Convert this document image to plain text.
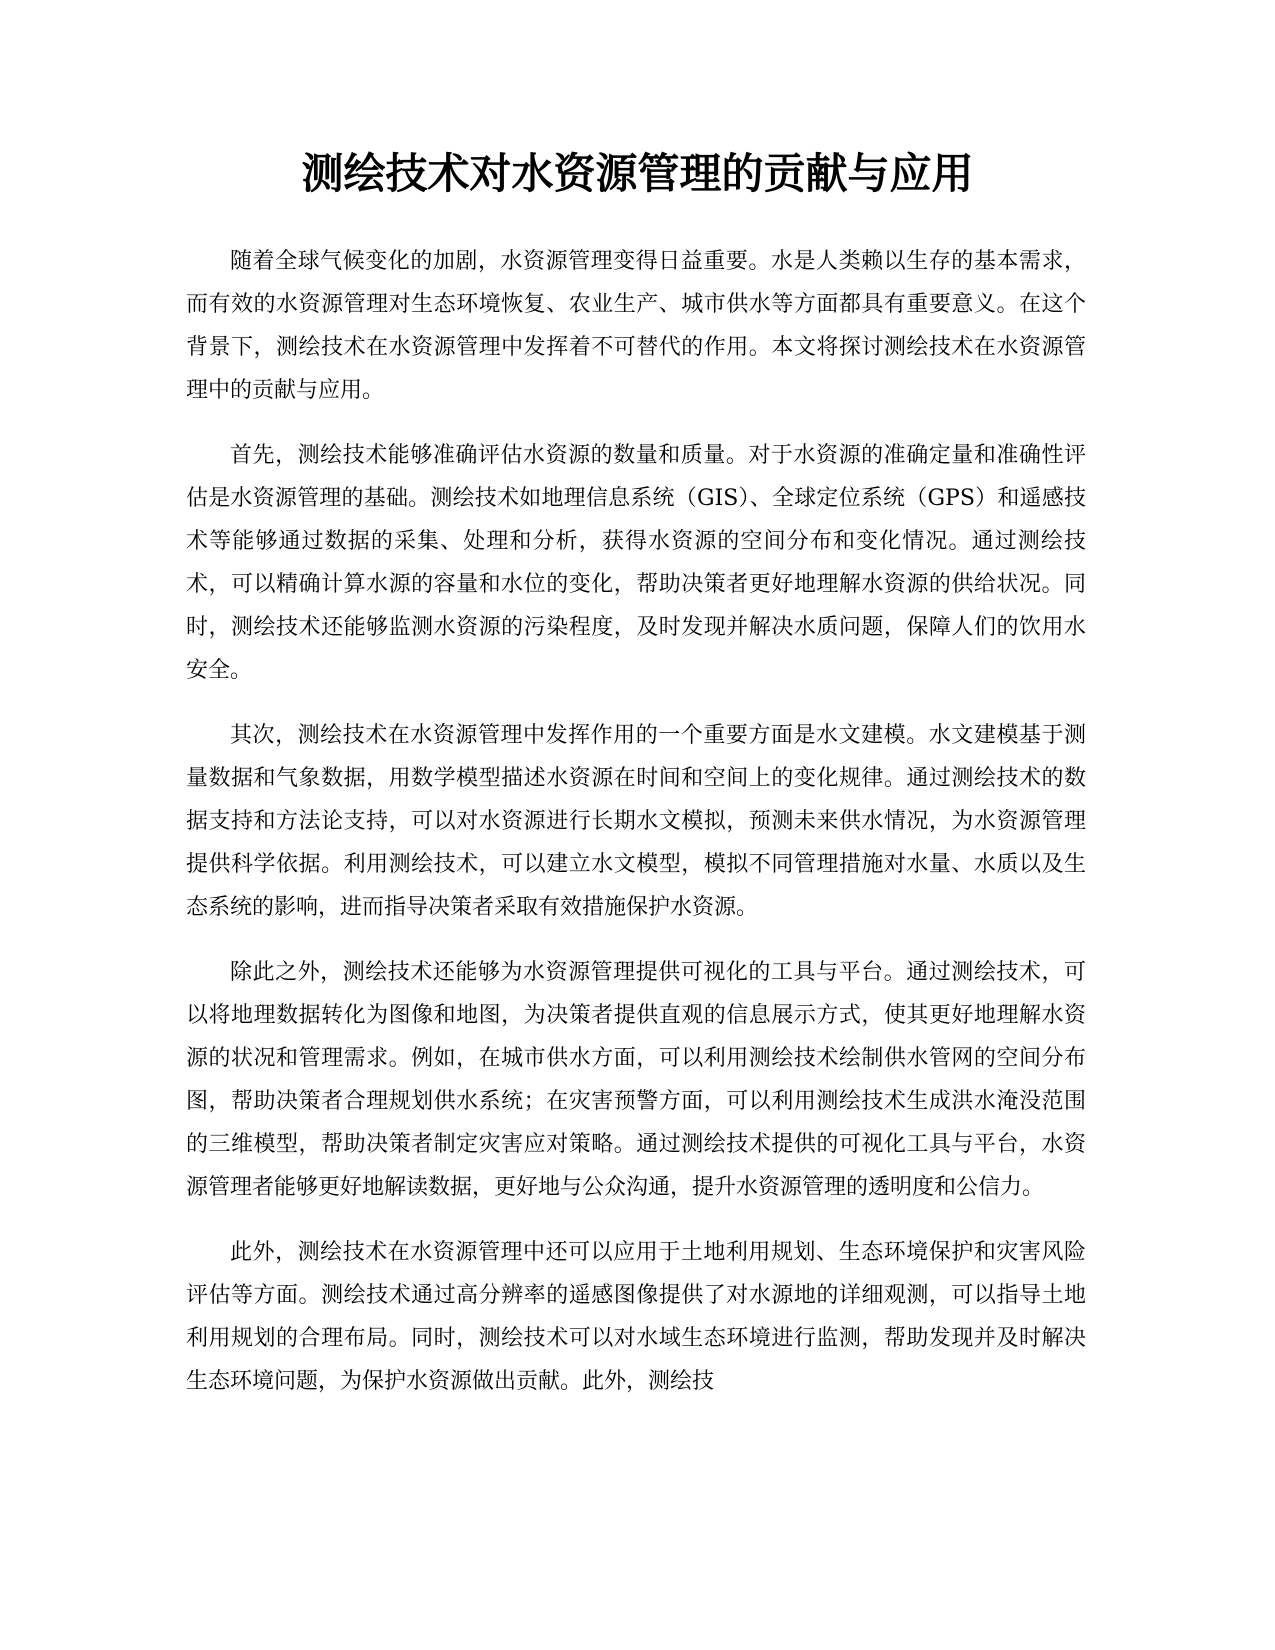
测绘技术对水资源管理的贡献与应用

随着全球气候变化的加剧，水资源管理变得日益重要。水是人类赖以生存的基本需求，而有效的水资源管理对生态环境恢复、农业生产、城市供水等方面都具有重要意义。在这个背景下，测绘技术在水资源管理中发挥着不可替代的作用。本文将探讨测绘技术在水资源管理中的贡献与应用。

首先，测绘技术能够准确评估水资源的数量和质量。对于水资源的准确定量和准确性评估是水资源管理的基础。测绘技术如地理信息系统（GIS）、全球定位系统（GPS）和遥感技术等能够通过数据的采集、处理和分析，获得水资源的空间分布和变化情况。通过测绘技术，可以精确计算水源的容量和水位的变化，帮助决策者更好地理解水资源的供给状况。同时，测绘技术还能够监测水资源的污染程度，及时发现并解决水质问题，保障人们的饮用水安全。

其次，测绘技术在水资源管理中发挥作用的一个重要方面是水文建模。水文建模基于测量数据和气象数据，用数学模型描述水资源在时间和空间上的变化规律。通过测绘技术的数据支持和方法论支持，可以对水资源进行长期水文模拟，预测未来供水情况，为水资源管理提供科学依据。利用测绘技术，可以建立水文模型，模拟不同管理措施对水量、水质以及生态系统的影响，进而指导决策者采取有效措施保护水资源。

除此之外，测绘技术还能够为水资源管理提供可视化的工具与平台。通过测绘技术，可以将地理数据转化为图像和地图，为决策者提供直观的信息展示方式，使其更好地理解水资源的状况和管理需求。例如，在城市供水方面，可以利用测绘技术绘制供水管网的空间分布图，帮助决策者合理规划供水系统；在灾害预警方面，可以利用测绘技术生成洪水淹没范围的三维模型，帮助决策者制定灾害应对策略。通过测绘技术提供的可视化工具与平台，水资源管理者能够更好地解读数据，更好地与公众沟通，提升水资源管理的透明度和公信力。

此外，测绘技术在水资源管理中还可以应用于土地利用规划、生态环境保护和灾害风险评估等方面。测绘技术通过高分辨率的遥感图像提供了对水源地的详细观测，可以指导土地利用规划的合理布局。同时，测绘技术可以对水域生态环境进行监测，帮助发现并及时解决生态环境问题，为保护水资源做出贡献。此外，测绘技
